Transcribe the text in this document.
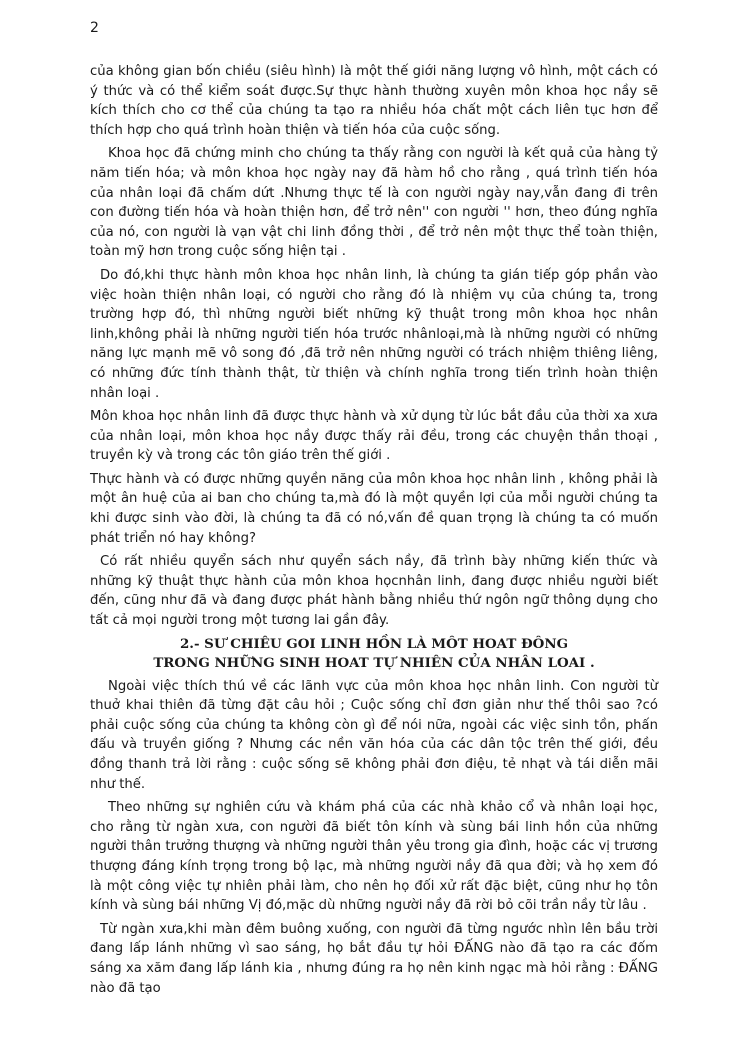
2

của không gian bốn chiều (siêu hình) là một thế giới năng lượng vô hình, một cách có ý thức và có thể kiểm soát được.Sự thực hành thường xuyên môn khoa học nầy sẽ kích thích cho cơ thể của chúng ta tạo ra nhiều hóa chất một cách liên tục hơn để thích hợp cho quá trình hoàn thiện và tiến hóa của cuộc sống.

Khoa học đã chứng minh cho chúng ta thấy rằng con người là kết quả của hàng tỷ năm tiến hóa; và môn khoa học ngày nay đã hàm hồ cho rằng , quá trình tiến hóa của nhân loại đã chấm dứt .Nhưng thực tế là con người ngày nay,vẫn đang đi trên con đường tiến hóa và hoàn thiện hơn, để trở nên'' con người '' hơn, theo đúng nghĩa của nó, con người là vạn vật chi linh đồng thời , để trở nên một thực thể toàn thiện, toàn mỹ hơn trong cuộc sống hiện tại .

Do đó,khi thực hành môn khoa học nhân linh, là chúng ta gián tiếp góp phần vào việc hoàn thiện nhân loại, có người cho rằng đó là nhiệm vụ của chúng ta, trong trường hợp đó, thì những người biết những kỹ thuật trong môn khoa học nhân linh,không phải là những người tiến hóa trước nhânloại,mà là những người có những năng lực mạnh mẽ vô song đó ,đã trở nên những người có trách nhiệm thiêng liêng, có những đức tính thành thật, từ thiện và chính nghĩa trong tiến trình hoàn thiện nhân loại .

Môn khoa học nhân linh đã được thực hành và xử dụng từ lúc bắt đầu của thời xa xưa của nhân loại, môn khoa học nầy được thấy rải đều, trong các chuyện thần thoại , truyền kỳ và trong các tôn giáo trên thế giới .

Thực hành và có được những quyền năng của môn khoa học nhân linh , không phải là một ân huệ của ai ban cho chúng ta,mà đó là một quyền lợi của mỗi người chúng ta khi được sinh vào đời, là chúng ta đã có nó,vấn đề quan trọng là chúng ta có muốn phát triển nó hay không?

Có rất nhiều quyển sách như quyển sách nầy, đã trình bày những kiến thức và những kỹ thuật thực hành của môn khoa họcnhân linh, đang được nhiều người biết đến, cũng như đã và đang được phát hành bằng nhiều thứ ngôn ngữ thông dụng cho tất cả mọi người trong một tương lai gần đây.

2.- SƯ CHIÊU GOI LINH HỒN LÀ MÔT HOAT ĐÔNG
TRONG NHỮNG SINH HOAT TỰ NHIÊN CỦA NHÂN LOAI .

Ngoài việc thích thú về các lãnh vực của môn khoa học nhân linh. Con người từ thuở khai thiên đã từng đặt câu hỏi ; Cuộc sống chỉ đơn giản như thế thôi sao ?có phải cuộc sống của chúng ta không còn gì để nói nữa, ngoài các việc sinh tồn, phấn đấu và truyền giống ? Nhưng các nền văn hóa của các dân tộc trên thế giới, đều đồng thanh trả lời rằng : cuộc sống sẽ không phải đơn điệu, tẻ nhạt và tái diễn mãi như thế.

Theo những sự nghiên cứu và khám phá của các nhà khảo cổ và nhân loại học, cho rằng từ ngàn xưa, con người đã biết tôn kính và sùng bái linh hồn của những người thân trưởng thượng và những người thân yêu trong gia đình, hoặc các vị trương thượng đáng kính trọng trong bộ lạc, mà những người nầy đã qua đời; và họ xem đó là một công việc tự nhiên phải làm, cho nên họ đối xử rất đặc biệt, cũng như họ tôn kính và sùng bái những Vị đó,mặc dù những người nầy đã rời bỏ cõi trần nầy từ lâu .

Từ ngàn xưa,khi màn đêm buông xuống, con người đã từng ngước nhìn lên bầu trời đang lấp lánh những vì sao sáng, họ bắt đầu tự hỏi ĐẤNG nào đã tạo ra các đốm sáng xa xăm đang lấp lánh kia , nhưng đúng ra họ nên kinh ngạc mà hỏi rằng : ĐẤNG nào đã tạo
